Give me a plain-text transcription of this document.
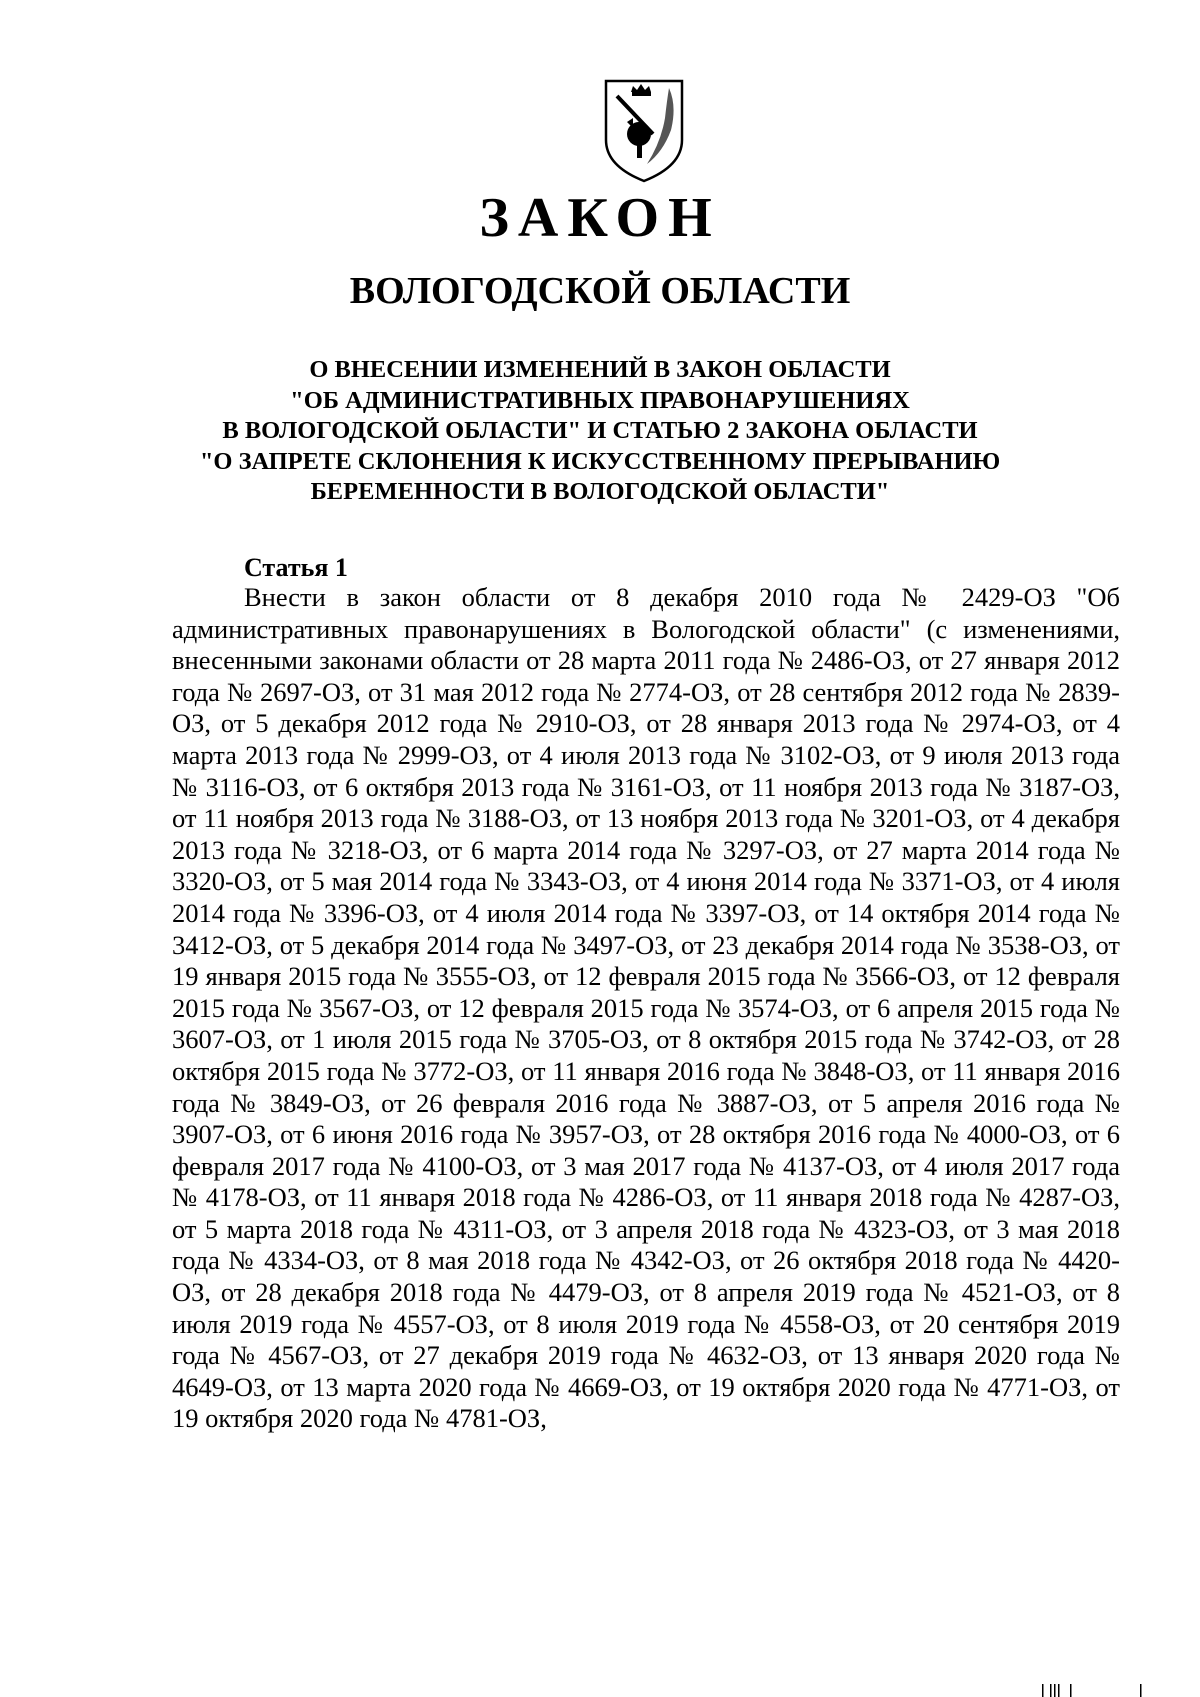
ЗАКОН
ВОЛОГОДСКОЙ ОБЛАСТИ
О ВНЕСЕНИИ ИЗМЕНЕНИЙ В ЗАКОН ОБЛАСТИ
"ОБ АДМИНИСТРАТИВНЫХ ПРАВОНАРУШЕНИЯХ
В ВОЛОГОДСКОЙ ОБЛАСТИ" И СТАТЬЮ 2 ЗАКОНА ОБЛАСТИ
"О ЗАПРЕТЕ СКЛОНЕНИЯ К ИСКУССТВЕННОМУ ПРЕРЫВАНИЮ
БЕРЕМЕННОСТИ В ВОЛОГОДСКОЙ ОБЛАСТИ"
Статья 1

Внести в закон области от 8 декабря 2010 года № 2429-ОЗ "Об административных правонарушениях в Вологодской области" (с изменениями, внесенными законами области от 28 марта 2011 года № 2486-ОЗ, от 27 января 2012 года № 2697-ОЗ, от 31 мая 2012 года № 2774-ОЗ, от 28 сентября 2012 года № 2839-ОЗ, от 5 декабря 2012 года № 2910-ОЗ, от 28 января 2013 года № 2974-ОЗ, от 4 марта 2013 года № 2999-ОЗ, от 4 июля 2013 года № 3102-ОЗ, от 9 июля 2013 года № 3116-ОЗ, от 6 октября 2013 года № 3161-ОЗ, от 11 ноября 2013 года № 3187-ОЗ, от 11 ноября 2013 года № 3188-ОЗ, от 13 ноября 2013 года № 3201-ОЗ, от 4 декабря 2013 года № 3218-ОЗ, от 6 марта 2014 года № 3297-ОЗ, от 27 марта 2014 года № 3320-ОЗ, от 5 мая 2014 года № 3343-ОЗ, от 4 июня 2014 года № 3371-ОЗ, от 4 июля 2014 года № 3396-ОЗ, от 4 июля 2014 года № 3397-ОЗ, от 14 октября 2014 года № 3412-ОЗ, от 5 декабря 2014 года № 3497-ОЗ, от 23 декабря 2014 года № 3538-ОЗ, от 19 января 2015 года № 3555-ОЗ, от 12 февраля 2015 года № 3566-ОЗ, от 12 февраля 2015 года № 3567-ОЗ, от 12 февраля 2015 года № 3574-ОЗ, от 6 апреля 2015 года № 3607-ОЗ, от 1 июля 2015 года № 3705-ОЗ, от 8 октября 2015 года № 3742-ОЗ, от 28 октября 2015 года № 3772-ОЗ, от 11 января 2016 года № 3848-ОЗ, от 11 января 2016 года № 3849-ОЗ, от 26 февраля 2016 года № 3887-ОЗ, от 5 апреля 2016 года № 3907-ОЗ, от 6 июня 2016 года № 3957-ОЗ, от 28 октября 2016 года № 4000-ОЗ, от 6 февраля 2017 года № 4100-ОЗ, от 3 мая 2017 года № 4137-ОЗ, от 4 июля 2017 года № 4178-ОЗ, от 11 января 2018 года № 4286-ОЗ, от 11 января 2018 года № 4287-ОЗ, от 5 марта 2018 года № 4311-ОЗ, от 3 апреля 2018 года № 4323-ОЗ, от 3 мая 2018 года № 4334-ОЗ, от 8 мая 2018 года № 4342-ОЗ, от 26 октября 2018 года № 4420-ОЗ, от 28 декабря 2018 года № 4479-ОЗ, от 8 апреля 2019 года № 4521-ОЗ, от 8 июля 2019 года № 4557-ОЗ, от 8 июля 2019 года № 4558-ОЗ, от 20 сентября 2019 года № 4567-ОЗ, от 27 декабря 2019 года № 4632-ОЗ, от 13 января 2020 года № 4649-ОЗ, от 13 марта 2020 года № 4669-ОЗ, от 19 октября 2020 года № 4771-ОЗ, от 19 октября 2020 года № 4781-ОЗ,
